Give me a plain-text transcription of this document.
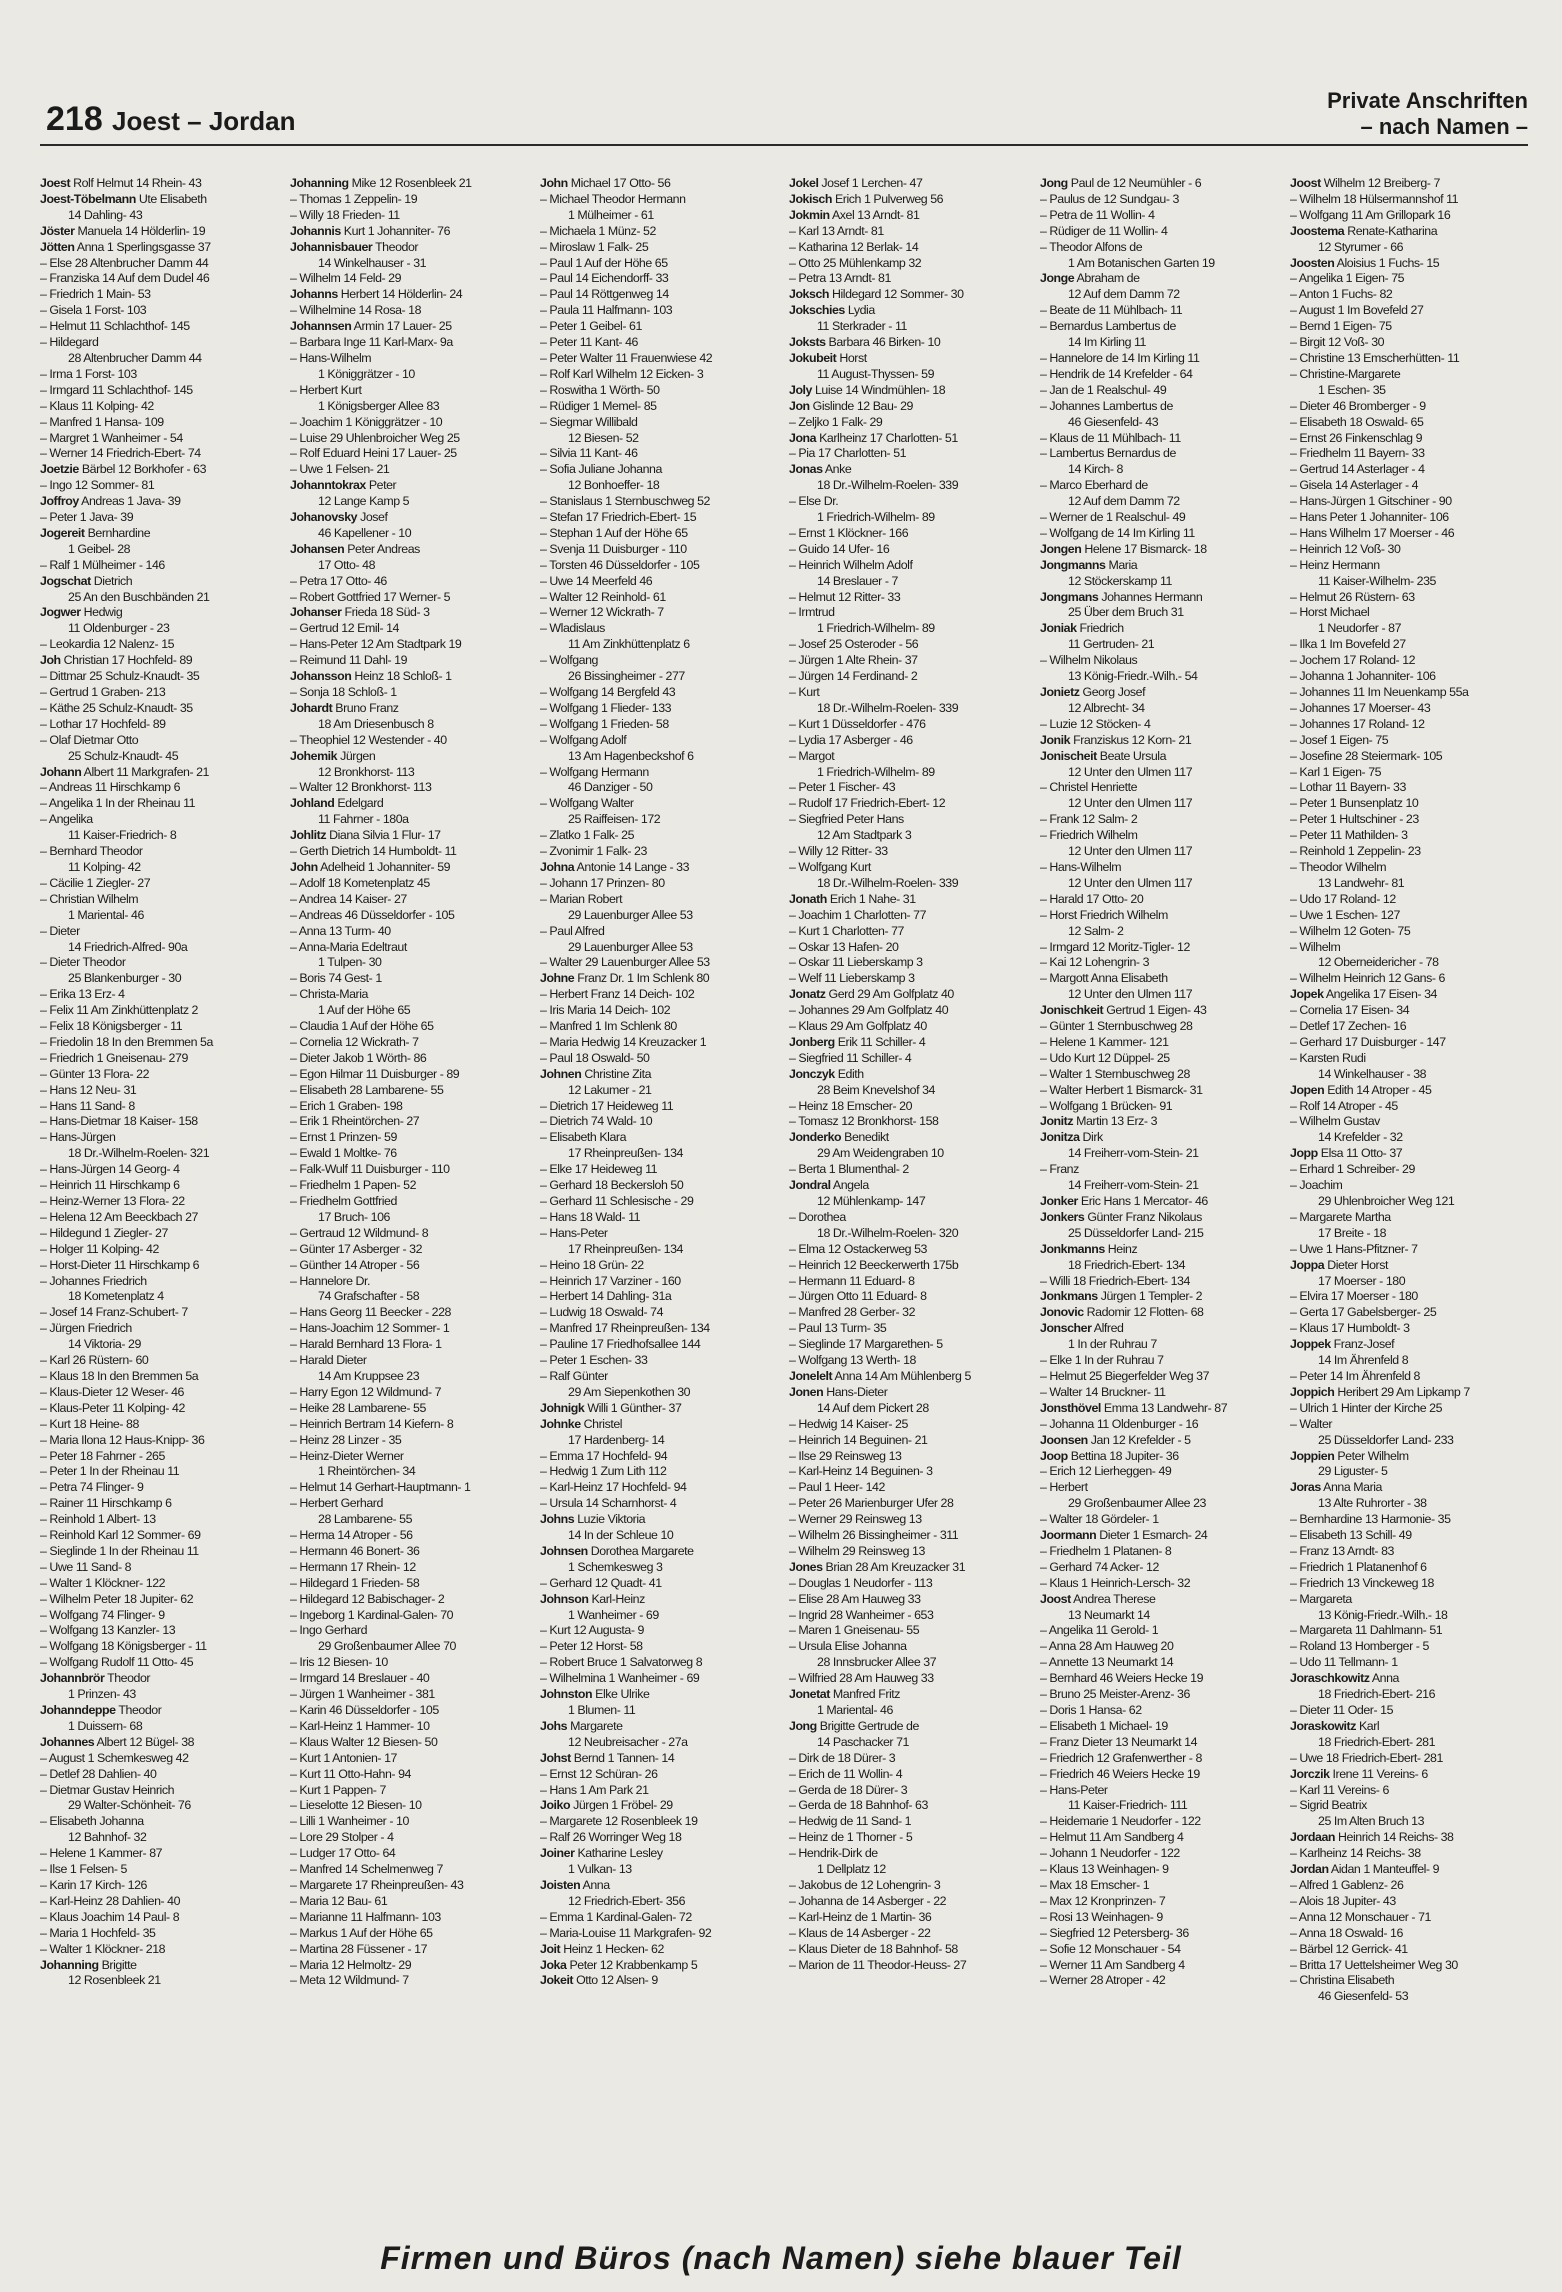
218 Joest – Jordan
Private Anschriften
– nach Namen –
Joest Rolf Helmut 14 Rhein- 43
Joest-Töbelmann Ute Elisabeth
14 Dahling- 43
Jöster Manuela 14 Hölderlin- 19
Jötten Anna 1 Sperlingsgasse 37
– Else 28 Altenbrucher Damm 44
– Franziska 14 Auf dem Dudel 46
– Friedrich 1 Main- 53
– Gisela 1 Forst- 103
– Helmut 11 Schlachthof- 145
– Hildegard
28 Altenbrucher Damm 44
– Irma 1 Forst- 103
– Irmgard 11 Schlachthof- 145
– Klaus 11 Kolping- 42
– Manfred 1 Hansa- 109
– Margret 1 Wanheimer - 54
– Werner 14 Friedrich-Ebert- 74
Joetzie Bärbel 12 Borkhofer - 63
– Ingo 12 Sommer- 81
Joffroy Andreas 1 Java- 39
– Peter 1 Java- 39
Jogereit Bernhardine
1 Geibel- 28
– Ralf 1 Mülheimer - 146
Jogschat Dietrich
25 An den Buschbänden 21
Jogwer Hedwig
11 Oldenburger - 23
– Leokardia 12 Nalenz- 15
Joh Christian 17 Hochfeld- 89
– Dittmar 25 Schulz-Knaudt- 35
– Gertrud 1 Graben- 213
– Käthe 25 Schulz-Knaudt- 35
– Lothar 17 Hochfeld- 89
– Olaf Dietmar Otto
25 Schulz-Knaudt- 45
Johann Albert 11 Markgrafen- 21
– Andreas 11 Hirschkamp 6
– Angelika 1 In der Rheinau 11
– Angelika
11 Kaiser-Friedrich- 8
– Bernhard Theodor
11 Kolping- 42
– Cäcilie 1 Ziegler- 27
– Christian Wilhelm
1 Mariental- 46
– Dieter
14 Friedrich-Alfred- 90a
– Dieter Theodor
25 Blankenburger - 30
– Erika 13 Erz- 4
– Felix 11 Am Zinkhüttenplatz 2
– Felix 18 Königsberger - 11
– Friedolin 18 In den Bremmen 5a
– Friedrich 1 Gneisenau- 279
– Günter 13 Flora- 22
– Hans 12 Neu- 31
– Hans 11 Sand- 8
– Hans-Dietmar 18 Kaiser- 158
– Hans-Jürgen
18 Dr.-Wilhelm-Roelen- 321
– Hans-Jürgen 14 Georg- 4
– Heinrich 11 Hirschkamp 6
– Heinz-Werner 13 Flora- 22
– Helena 12 Am Beeckbach 27
– Hildegund 1 Ziegler- 27
– Holger 11 Kolping- 42
– Horst-Dieter 11 Hirschkamp 6
– Johannes Friedrich
18 Kometenplatz 4
– Josef 14 Franz-Schubert- 7
– Jürgen Friedrich
14 Viktoria- 29
– Karl 26 Rüstern- 60
– Klaus 18 In den Bremmen 5a
– Klaus-Dieter 12 Weser- 46
– Klaus-Peter 11 Kolping- 42
– Kurt 18 Heine- 88
– Maria Ilona 12 Haus-Knipp- 36
– Peter 18 Fahrner - 265
– Peter 1 In der Rheinau 11
– Petra 74 Flinger- 9
– Rainer 11 Hirschkamp 6
– Reinhold 1 Albert- 13
– Reinhold Karl 12 Sommer- 69
– Sieglinde 1 In der Rheinau 11
– Uwe 11 Sand- 8
– Walter 1 Klöckner- 122
– Wilhelm Peter 18 Jupiter- 62
– Wolfgang 74 Flinger- 9
– Wolfgang 13 Kanzler- 13
– Wolfgang 18 Königsberger - 11
– Wolfgang Rudolf 11 Otto- 45
Johannbrör Theodor
1 Prinzen- 43
Johanndeppe Theodor
1 Duissern- 68
Johannes Albert 12 Bügel- 38
– August 1 Schemkesweg 42
– Detlef 28 Dahlien- 40
– Dietmar Gustav Heinrich
29 Walter-Schönheit- 76
– Elisabeth Johanna
12 Bahnhof- 32
– Helene 1 Kammer- 87
– Ilse 1 Felsen- 5
– Karin 17 Kirch- 126
– Karl-Heinz 28 Dahlien- 40
– Klaus Joachim 14 Paul- 8
– Maria 1 Hochfeld- 35
– Walter 1 Klöckner- 218
Johanning Brigitte
12 Rosenbleek 21
Johanning Mike 12 Rosenbleek 21
– Thomas 1 Zeppelin- 19
– Willy 18 Frieden- 11
Johannis Kurt 1 Johanniter- 76
Johannisbauer Theodor
14 Winkelhauser - 31
– Wilhelm 14 Feld- 29
Johanns Herbert 14 Hölderlin- 24
– Wilhelmine 14 Rosa- 18
Johannsen Armin 17 Lauer- 25
– Barbara Inge 11 Karl-Marx- 9a
– Hans-Wilhelm
1 Königgrätzer - 10
– Herbert Kurt
1 Königsberger Allee 83
– Joachim 1 Königgrätzer - 10
– Luise 29 Uhlenbroicher Weg 25
– Rolf Eduard Heini 17 Lauer- 25
– Uwe 1 Felsen- 21
Johanntokrax Peter
12 Lange Kamp 5
Johanovsky Josef
46 Kapellener - 10
Johansen Peter Andreas
17 Otto- 48
– Petra 17 Otto- 46
– Robert Gottfried 17 Werner- 5
Johanser Frieda 18 Süd- 3
– Gertrud 12 Emil- 14
– Hans-Peter 12 Am Stadtpark 19
– Reimund 11 Dahl- 19
Johansson Heinz 18 Schloß- 1
– Sonja 18 Schloß- 1
Johardt Bruno Franz
18 Am Driesenbusch 8
– Theophiel 12 Westender - 40
Johemik Jürgen
12 Bronkhorst- 113
– Walter 12 Bronkhorst- 113
Johland Edelgard
11 Fahrner - 180a
Johlitz Diana Silvia 1 Flur- 17
– Gerth Dietrich 14 Humboldt- 11
John Adelheid 1 Johanniter- 59
– Adolf 18 Kometenplatz 45
– Andrea 14 Kaiser- 27
– Andreas 46 Düsseldorfer - 105
– Anna 13 Turm- 40
– Anna-Maria Edeltraut
1 Tulpen- 30
– Boris 74 Gest- 1
– Christa-Maria
1 Auf der Höhe 65
– Claudia 1 Auf der Höhe 65
– Cornelia 12 Wickrath- 7
– Dieter Jakob 1 Wörth- 86
– Egon Hilmar 11 Duisburger - 89
– Elisabeth 28 Lambarene- 55
– Erich 1 Graben- 198
– Erik 1 Rheintörchen- 27
– Ernst 1 Prinzen- 59
– Ewald 1 Moltke- 76
– Falk-Wulf 11 Duisburger - 110
– Friedhelm 1 Papen- 52
– Friedhelm Gottfried
17 Bruch- 106
– Gertraud 12 Wildmund- 8
– Günter 17 Asberger - 32
– Günther 14 Atroper - 56
– Hannelore Dr.
74 Grafschafter - 58
– Hans Georg 11 Beecker - 228
– Hans-Joachim 12 Sommer- 1
– Harald Bernhard 13 Flora- 1
– Harald Dieter
14 Am Kruppsee 23
– Harry Egon 12 Wildmund- 7
– Heike 28 Lambarene- 55
– Heinrich Bertram 14 Kiefern- 8
– Heinz 28 Linzer - 35
– Heinz-Dieter Werner
1 Rheintörchen- 34
– Helmut 14 Gerhart-Hauptmann- 1
– Herbert Gerhard
28 Lambarene- 55
– Herma 14 Atroper - 56
– Hermann 46 Bonert- 36
– Hermann 17 Rhein- 12
– Hildegard 1 Frieden- 58
– Hildegard 12 Babischager- 2
– Ingeborg 1 Kardinal-Galen- 70
– Ingo Gerhard
29 Großenbaumer Allee 70
– Iris 12 Biesen- 10
– Irmgard 14 Breslauer - 40
– Jürgen 1 Wanheimer - 381
– Karin 46 Düsseldorfer - 105
– Karl-Heinz 1 Hammer- 10
– Klaus Walter 12 Biesen- 50
– Kurt 1 Antonien- 17
– Kurt 11 Otto-Hahn- 94
– Kurt 1 Pappen- 7
– Lieselotte 12 Biesen- 10
– Lilli 1 Wanheimer - 10
– Lore 29 Stolper - 4
– Ludger 17 Otto- 64
– Manfred 14 Schelmenweg 7
– Margarete 17 Rheinpreußen- 43
– Maria 12 Bau- 61
– Marianne 11 Halfmann- 103
– Markus 1 Auf der Höhe 65
– Martina 28 Füssener - 17
– Maria 12 Helmoltz- 29
– Meta 12 Wildmund- 7
John Michael 17 Otto- 56
– Michael Theodor Hermann
1 Mülheimer - 61
– Michaela 1 Münz- 52
– Miroslaw 1 Falk- 25
– Paul 1 Auf der Höhe 65
– Paul 14 Eichendorff- 33
– Paul 14 Röttgenweg 14
– Paula 11 Halfmann- 103
– Peter 1 Geibel- 61
– Peter 11 Kant- 46
– Peter Walter 11 Frauenwiese 42
– Rolf Karl Wilhelm 12 Eicken- 3
– Roswitha 1 Wörth- 50
– Rüdiger 1 Memel- 85
– Siegmar Willibald
12 Biesen- 52
– Silvia 11 Kant- 46
– Sofia Juliane Johanna
12 Bonhoeffer- 18
– Stanislaus 1 Sternbuschweg 52
– Stefan 17 Friedrich-Ebert- 15
– Stephan 1 Auf der Höhe 65
– Svenja 11 Duisburger - 110
– Torsten 46 Düsseldorfer - 105
– Uwe 14 Meerfeld 46
– Walter 12 Reinhold- 61
– Werner 12 Wickrath- 7
– Wladislaus
11 Am Zinkhüttenplatz 6
– Wolfgang
26 Bissingheimer - 277
– Wolfgang 14 Bergfeld 43
– Wolfgang 1 Flieder- 133
– Wolfgang 1 Frieden- 58
– Wolfgang Adolf
13 Am Hagenbeckshof 6
– Wolfgang Hermann
46 Danziger - 50
– Wolfgang Walter
25 Raiffeisen- 172
– Zlatko 1 Falk- 25
– Zvonimir 1 Falk- 23
Johna Antonie 14 Lange - 33
– Johann 17 Prinzen- 80
– Marian Robert
29 Lauenburger Allee 53
– Paul Alfred
29 Lauenburger Allee 53
– Walter 29 Lauenburger Allee 53
Johne Franz Dr. 1 Im Schlenk 80
– Herbert Franz 14 Deich- 102
– Iris Maria 14 Deich- 102
– Manfred 1 Im Schlenk 80
– Maria Hedwig 14 Kreuzacker 1
– Paul 18 Oswald- 50
Johnen Christine Zita
12 Lakumer - 21
– Dietrich 17 Heideweg 11
– Dietrich 74 Wald- 10
– Elisabeth Klara
17 Rheinpreußen- 134
– Elke 17 Heideweg 11
– Gerhard 18 Beckersloh 50
– Gerhard 11 Schlesische - 29
– Hans 18 Wald- 11
– Hans-Peter
17 Rheinpreußen- 134
– Heino 18 Grün- 22
– Heinrich 17 Varziner - 160
– Herbert 14 Dahling- 31a
– Ludwig 18 Oswald- 74
– Manfred 17 Rheinpreußen- 134
– Pauline 17 Friedhofsallee 144
– Peter 1 Eschen- 33
– Ralf Günter
29 Am Siepenkothen 30
Johnigk Willi 1 Günther- 37
Johnke Christel
17 Hardenberg- 14
– Emma 17 Hochfeld- 94
– Hedwig 1 Zum Lith 112
– Karl-Heinz 17 Hochfeld- 94
– Ursula 14 Scharnhorst- 4
Johns Luzie Viktoria
14 In der Schleue 10
Johnsen Dorothea Margarete
1 Schemkesweg 3
– Gerhard 12 Quadt- 41
Johnson Karl-Heinz
1 Wanheimer - 69
– Kurt 12 Augusta- 9
– Peter 12 Horst- 58
– Robert Bruce 1 Salvatorweg 8
– Wilhelmina 1 Wanheimer - 69
Johnston Elke Ulrike
1 Blumen- 11
Johs Margarete
12 Neubreisacher - 27a
Johst Bernd 1 Tannen- 14
– Ernst 12 Schüran- 26
– Hans 1 Am Park 21
Joiko Jürgen 1 Fröbel- 29
– Margarete 12 Rosenbleek 19
– Ralf 26 Worringer Weg 18
Joiner Katharine Lesley
1 Vulkan- 13
Joisten Anna
12 Friedrich-Ebert- 356
– Emma 1 Kardinal-Galen- 72
– Maria-Louise 11 Markgrafen- 92
Joit Heinz 1 Hecken- 62
Joka Peter 12 Krabbenkamp 5
Jokeit Otto 12 Alsen- 9
Jokel Josef 1 Lerchen- 47
Jokisch Erich 1 Pulverweg 56
Jokmin Axel 13 Arndt- 81
– Karl 13 Arndt- 81
– Katharina 12 Berlak- 14
– Otto 25 Mühlenkamp 32
– Petra 13 Arndt- 81
Joksch Hildegard 12 Sommer- 30
Jokschies Lydia
11 Sterkrader - 11
Joksts Barbara 46 Birken- 10
Jokubeit Horst
11 August-Thyssen- 59
Joly Luise 14 Windmühlen- 18
Jon Gislinde 12 Bau- 29
– Zeljko 1 Falk- 29
Jona Karlheinz 17 Charlotten- 51
– Pia 17 Charlotten- 51
Jonas Anke
18 Dr.-Wilhelm-Roelen- 339
– Else Dr.
1 Friedrich-Wilhelm- 89
– Ernst 1 Klöckner- 166
– Guido 14 Ufer- 16
– Heinrich Wilhelm Adolf
14 Breslauer - 7
– Helmut 12 Ritter- 33
– Irmtrud
1 Friedrich-Wilhelm- 89
– Josef 25 Osteroder - 56
– Jürgen 1 Alte Rhein- 37
– Jürgen 14 Ferdinand- 2
– Kurt
18 Dr.-Wilhelm-Roelen- 339
– Kurt 1 Düsseldorfer - 476
– Lydia 17 Asberger - 46
– Margot
1 Friedrich-Wilhelm- 89
– Peter 1 Fischer- 43
– Rudolf 17 Friedrich-Ebert- 12
– Siegfried Peter Hans
12 Am Stadtpark 3
– Willy 12 Ritter- 33
– Wolfgang Kurt
18 Dr.-Wilhelm-Roelen- 339
Jonath Erich 1 Nahe- 31
– Joachim 1 Charlotten- 77
– Kurt 1 Charlotten- 77
– Oskar 13 Hafen- 20
– Oskar 11 Lieberskamp 3
– Welf 11 Lieberskamp 3
Jonatz Gerd 29 Am Golfplatz 40
– Johannes 29 Am Golfplatz 40
– Klaus 29 Am Golfplatz 40
Jonberg Erik 11 Schiller- 4
– Siegfried 11 Schiller- 4
Jonczyk Edith
28 Beim Knevelshof 34
– Heinz 18 Emscher- 20
– Tomasz 12 Bronkhorst- 158
Jonderko Benedikt
29 Am Weidengraben 10
– Berta 1 Blumenthal- 2
Jondral Angela
12 Mühlenkamp- 147
– Dorothea
18 Dr.-Wilhelm-Roelen- 320
– Elma 12 Ostackerweg 53
– Heinrich 12 Beeckerwerth 175b
– Hermann 11 Eduard- 8
– Jürgen Otto 11 Eduard- 8
– Manfred 28 Gerber- 32
– Paul 13 Turm- 35
– Sieglinde 17 Margarethen- 5
– Wolfgang 13 Werth- 18
Jonelelt Anna 14 Am Mühlenberg 5
Jonen Hans-Dieter
14 Auf dem Pickert 28
– Hedwig 14 Kaiser- 25
– Heinrich 14 Beguinen- 21
– Ilse 29 Reinsweg 13
– Karl-Heinz 14 Beguinen- 3
– Paul 1 Heer- 142
– Peter 26 Marienburger Ufer 28
– Werner 29 Reinsweg 13
– Wilhelm 26 Bissingheimer - 311
– Wilhelm 29 Reinsweg 13
Jones Brian 28 Am Kreuzacker 31
– Douglas 1 Neudorfer - 113
– Elise 28 Am Hauweg 33
– Ingrid 28 Wanheimer - 653
– Maren 1 Gneisenau- 55
– Ursula Elise Johanna
28 Innsbrucker Allee 37
– Wilfried 28 Am Hauweg 33
Jonetat Manfred Fritz
1 Mariental- 46
Jong Brigitte Gertrude de
14 Paschacker 71
– Dirk de 18 Dürer- 3
– Erich de 11 Wollin- 4
– Gerda de 18 Dürer- 3
– Gerda de 18 Bahnhof- 63
– Hedwig de 11 Sand- 1
– Heinz de 1 Thorner - 5
– Hendrik-Dirk de
1 Dellplatz 12
– Jakobus de 12 Lohengrin- 3
– Johanna de 14 Asberger - 22
– Karl-Heinz de 1 Martin- 36
– Klaus de 14 Asberger - 22
– Klaus Dieter de 18 Bahnhof- 58
– Marion de 11 Theodor-Heuss- 27
Jong Paul de 12 Neumühler - 6
– Paulus de 12 Sundgau- 3
– Petra de 11 Wollin- 4
– Rüdiger de 11 Wollin- 4
– Theodor Alfons de
1 Am Botanischen Garten 19
Jonge Abraham de
12 Auf dem Damm 72
– Beate de 11 Mühlbach- 11
– Bernardus Lambertus de
14 Im Kirling 11
– Hannelore de 14 Im Kirling 11
– Hendrik de 14 Krefelder - 64
– Jan de 1 Realschul- 49
– Johannes Lambertus de
46 Giesenfeld- 43
– Klaus de 11 Mühlbach- 11
– Lambertus Bernardus de
14 Kirch- 8
– Marco Eberhard de
12 Auf dem Damm 72
– Werner de 1 Realschul- 49
– Wolfgang de 14 Im Kirling 11
Jongen Helene 17 Bismarck- 18
Jongmanns Maria
12 Stöckerskamp 11
Jongmans Johannes Hermann
25 Über dem Bruch 31
Joniak Friedrich
11 Gertruden- 21
– Wilhelm Nikolaus
13 König-Friedr.-Wilh.- 54
Jonietz Georg Josef
12 Albrecht- 34
– Luzie 12 Stöcken- 4
Jonik Franziskus 12 Korn- 21
Jonischeit Beate Ursula
12 Unter den Ulmen 117
– Christel Henriette
12 Unter den Ulmen 117
– Frank 12 Salm- 2
– Friedrich Wilhelm
12 Unter den Ulmen 117
– Hans-Wilhelm
12 Unter den Ulmen 117
– Harald 17 Otto- 20
– Horst Friedrich Wilhelm
12 Salm- 2
– Irmgard 12 Moritz-Tigler- 12
– Kai 12 Lohengrin- 3
– Margott Anna Elisabeth
12 Unter den Ulmen 117
Jonischkeit Gertrud 1 Eigen- 43
– Günter 1 Sternbuschweg 28
– Helene 1 Kammer- 121
– Udo Kurt 12 Düppel- 25
– Walter 1 Sternbuschweg 28
– Walter Herbert 1 Bismarck- 31
– Wolfgang 1 Brücken- 91
Jonitz Martin 13 Erz- 3
Jonitza Dirk
14 Freiherr-vom-Stein- 21
– Franz
14 Freiherr-vom-Stein- 21
Jonker Eric Hans 1 Mercator- 46
Jonkers Günter Franz Nikolaus
25 Düsseldorfer Land- 215
Jonkmanns Heinz
18 Friedrich-Ebert- 134
– Willi 18 Friedrich-Ebert- 134
Jonkmans Jürgen 1 Templer- 2
Jonovic Radomir 12 Flotten- 68
Jonscher Alfred
1 In der Ruhrau 7
– Elke 1 In der Ruhrau 7
– Helmut 25 Biegerfelder Weg 37
– Walter 14 Bruckner- 11
Jonsthövel Emma 13 Landwehr- 87
– Johanna 11 Oldenburger - 16
Joonsen Jan 12 Krefelder - 5
Joop Bettina 18 Jupiter- 36
– Erich 12 Lierheggen- 49
– Herbert
29 Großenbaumer Allee 23
– Walter 18 Gördeler- 1
Joormann Dieter 1 Esmarch- 24
– Friedhelm 1 Platanen- 8
– Gerhard 74 Acker- 12
– Klaus 1 Heinrich-Lersch- 32
Joost Andrea Therese
13 Neumarkt 14
– Angelika 11 Gerold- 1
– Anna 28 Am Hauweg 20
– Annette 13 Neumarkt 14
– Bernhard 46 Weiers Hecke 19
– Bruno 25 Meister-Arenz- 36
– Doris 1 Hansa- 62
– Elisabeth 1 Michael- 19
– Franz Dieter 13 Neumarkt 14
– Friedrich 12 Grafenwerther - 8
– Friedrich 46 Weiers Hecke 19
– Hans-Peter
11 Kaiser-Friedrich- 111
– Heidemarie 1 Neudorfer - 122
– Helmut 11 Am Sandberg 4
– Johann 1 Neudorfer - 122
– Klaus 13 Weinhagen- 9
– Max 18 Emscher- 1
– Max 12 Kronprinzen- 7
– Rosi 13 Weinhagen- 9
– Siegfried 12 Petersberg- 36
– Sofie 12 Monschauer - 54
– Werner 11 Am Sandberg 4
– Werner 28 Atroper - 42
Joost Wilhelm 12 Breiberg- 7
– Wilhelm 18 Hülsermannshof 11
– Wolfgang 11 Am Grillopark 16
Joostema Renate-Katharina
12 Styrumer - 66
Joosten Aloisius 1 Fuchs- 15
– Angelika 1 Eigen- 75
– Anton 1 Fuchs- 82
– August 1 Im Bovefeld 27
– Bernd 1 Eigen- 75
– Birgit 12 Voß- 30
– Christine 13 Emscherhütten- 11
– Christine-Margarete
1 Eschen- 35
– Dieter 46 Bromberger - 9
– Elisabeth 18 Oswald- 65
– Ernst 26 Finkenschlag 9
– Friedhelm 11 Bayern- 33
– Gertrud 14 Asterlager - 4
– Gisela 14 Asterlager - 4
– Hans-Jürgen 1 Gitschiner - 90
– Hans Peter 1 Johanniter- 106
– Hans Wilhelm 17 Moerser - 46
– Heinrich 12 Voß- 30
– Heinz Hermann
11 Kaiser-Wilhelm- 235
– Helmut 26 Rüstern- 63
– Horst Michael
1 Neudorfer - 87
– Ilka 1 Im Bovefeld 27
– Jochem 17 Roland- 12
– Johanna 1 Johanniter- 106
– Johannes 11 Im Neuenkamp 55a
– Johannes 17 Moerser- 43
– Johannes 17 Roland- 12
– Josef 1 Eigen- 75
– Josefine 28 Steiermark- 105
– Karl 1 Eigen- 75
– Lothar 11 Bayern- 33
– Peter 1 Bunsenplatz 10
– Peter 1 Hultschiner - 23
– Peter 11 Mathilden- 3
– Reinhold 1 Zeppelin- 23
– Theodor Wilhelm
13 Landwehr- 81
– Udo 17 Roland- 12
– Uwe 1 Eschen- 127
– Wilhelm 12 Goten- 75
– Wilhelm
12 Oberneidericher - 78
– Wilhelm Heinrich 12 Gans- 6
Jopek Angelika 17 Eisen- 34
– Cornelia 17 Eisen- 34
– Detlef 17 Zechen- 16
– Gerhard 17 Duisburger - 147
– Karsten Rudi
14 Winkelhauser - 38
Jopen Edith 14 Atroper - 45
– Rolf 14 Atroper - 45
– Wilhelm Gustav
14 Krefelder - 32
Jopp Elsa 11 Otto- 37
– Erhard 1 Schreiber- 29
– Joachim
29 Uhlenbroicher Weg 121
– Margarete Martha
17 Breite - 18
– Uwe 1 Hans-Pfitzner- 7
Joppa Dieter Horst
17 Moerser - 180
– Elvira 17 Moerser - 180
– Gerta 17 Gabelsberger- 25
– Klaus 17 Humboldt- 3
Joppek Franz-Josef
14 Im Ährenfeld 8
– Peter 14 Im Ährenfeld 8
Joppich Heribert 29 Am Lipkamp 7
– Ulrich 1 Hinter der Kirche 25
– Walter
25 Düsseldorfer Land- 233
Joppien Peter Wilhelm
29 Liguster- 5
Joras Anna Maria
13 Alte Ruhrorter - 38
– Bernhardine 13 Harmonie- 35
– Elisabeth 13 Schill- 49
– Franz 13 Arndt- 83
– Friedrich 1 Platanenhof 6
– Friedrich 13 Vinckeweg 18
– Margareta
13 König-Friedr.-Wilh.- 18
– Margareta 11 Dahlmann- 51
– Roland 13 Homberger - 5
– Udo 11 Tellmann- 1
Joraschkowitz Anna
18 Friedrich-Ebert- 216
– Dieter 11 Oder- 15
Joraskowitz Karl
18 Friedrich-Ebert- 281
– Uwe 18 Friedrich-Ebert- 281
Jorczik Irene 11 Vereins- 6
– Karl 11 Vereins- 6
– Sigrid Beatrix
25 Im Alten Bruch 13
Jordaan Heinrich 14 Reichs- 38
– Karlheinz 14 Reichs- 38
Jordan Aidan 1 Manteuffel- 9
– Alfred 1 Gablenz- 26
– Alois 18 Jupiter- 43
– Anna 12 Monschauer - 71
– Anna 18 Oswald- 16
– Bärbel 12 Gerrick- 41
– Britta 17 Uettelsheimer Weg 30
– Christina Elisabeth
46 Giesenfeld- 53
Firmen und Büros (nach Namen) siehe blauer Teil
